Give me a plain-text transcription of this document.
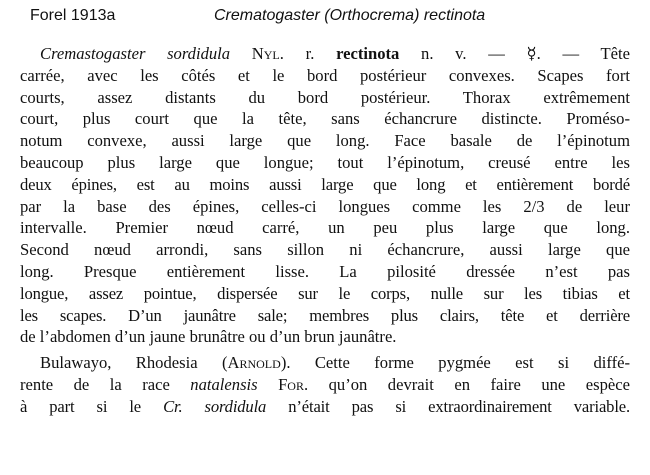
Forel 1913a	Crematogaster (Orthocrema) rectinota
Cremastogaster sordidula Nyl. r. rectinota n. v. — ☿. — Tête
carrée, avec les côtés et le bord postérieur convexes. Scapes fort
courts, assez distants du bord postérieur. Thorax extrêmement
court, plus court que la tête, sans échancrure distincte. Proméso-
notum convexe, aussi large que long. Face basale de l’épinotum
beaucoup plus large que longue; tout l’épinotum, creusé entre les
deux épines, est au moins aussi large que long et entièrement bordé
par la base des épines, celles-ci longues comme les 2/3 de leur
intervalle. Premier nœud carré, un peu plus large que long.
Second nœud arrondi, sans sillon ni échancrure, aussi large que
long. Presque entièrement lisse. La pilosité dressée n’est pas
longue, assez pointue, dispersée sur le corps, nulle sur les tibias et
les scapes. D’un jaunâtre sale; membres plus clairs, tête et derrière
de l’abdomen d’un jaune brunâtre ou d’un brun jaunâtre.
Bulawayo, Rhodesia (Arnold). Cette forme pygmée est si diffé-
rente de la race natalensis For. qu’on devrait en faire une espèce
à part si le Cr. sordidula n’était pas si extraordinairement variable.
